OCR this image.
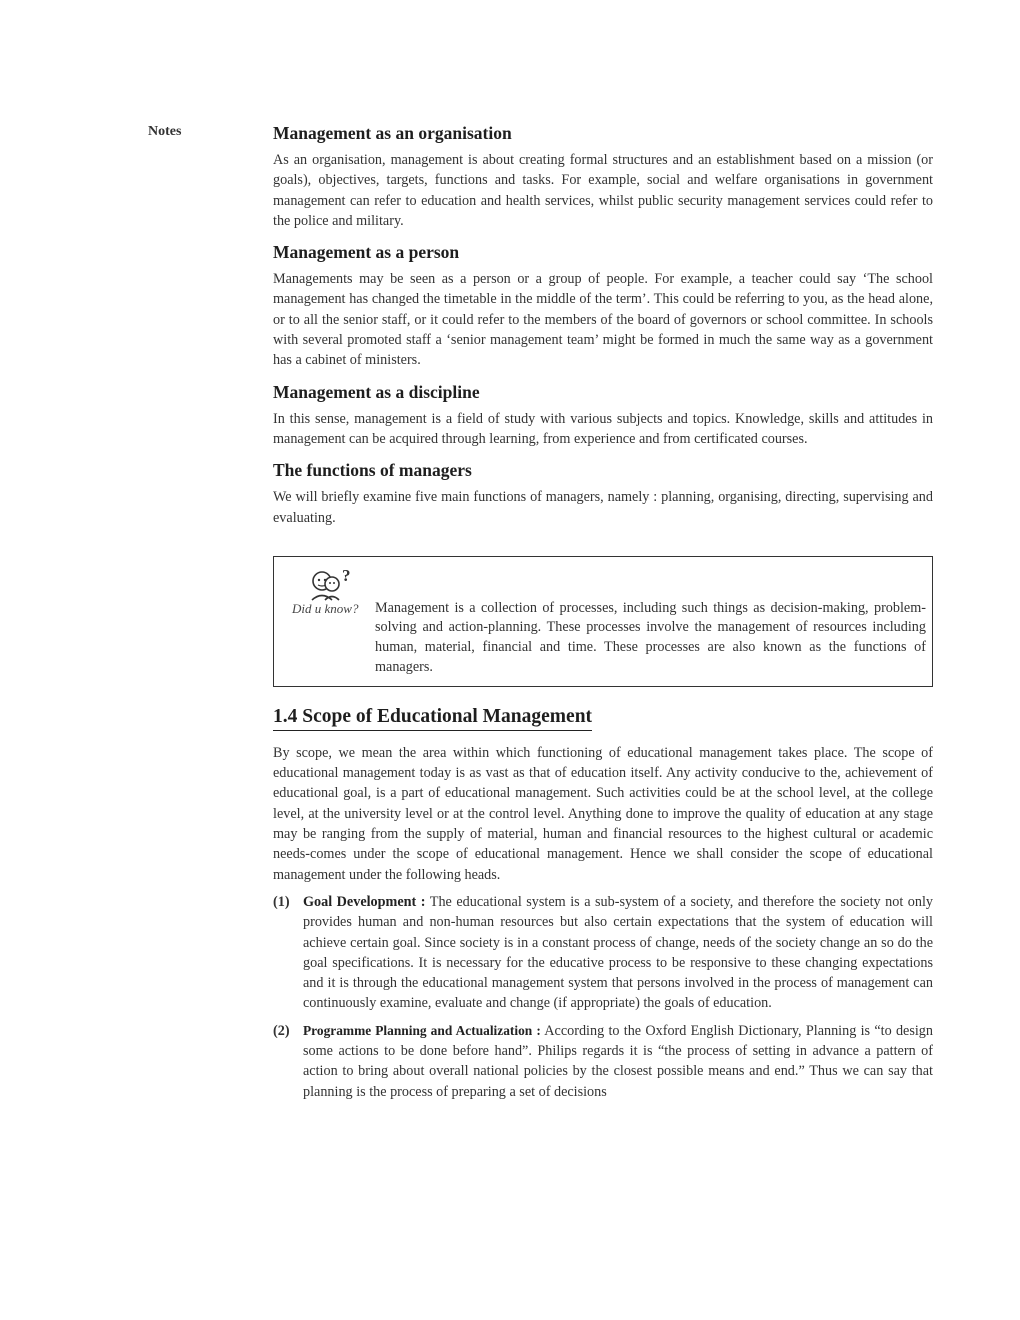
Notes	Management as an organisation

As an organisation, management is about creating formal structures and an establishment based on a mission (or goals), objectives, targets, functions and tasks. For example, social and welfare organisations in government management can refer to education and health services, whilst public security management services could refer to the police and military.

Management as a person

Managements may be seen as a person or a group of people. For example, a teacher could say ‘The school management has changed the timetable in the middle of the term’. This could be referring to you, as the head alone, or to all the senior staff, or it could refer to the members of the board of governors or school committee. In schools with several promoted staff a ‘senior management team’ might be formed in much the same way as a government has a cabinet of ministers.

Management as a discipline

In this sense, management is a field of study with various subjects and topics. Knowledge, skills and attitudes in management can be acquired through learning, from experience and from certificated courses.

The functions of managers

We will briefly examine five main functions of managers, namely : planning, organising, directing, supervising and evaluating.

?
Did u know? Management is a collection of processes, including such things as decision-making, problem-solving and action-planning. These processes involve the management of resources including human, material, financial and time. These processes are also known as the functions of managers.
1.4 Scope of Educational Management

By scope, we mean the area within which functioning of educational management takes place. The scope of educational management today is as vast as that of education itself. Any activity conducive to the, achievement of educational goal, is a part of educational management. Such activities could be at the school level, at the college level, at the university level or at the control level. Anything done to improve the quality of education at any stage may be ranging from the supply of material, human and financial resources to the highest cultural or academic needs-comes under the scope of educational management. Hence we shall consider the scope of educational management under the following heads.

(1) Goal Development : The educational system is a sub-system of a society, and therefore the society not only provides human and non-human resources but also certain expectations that the system of education will achieve certain goal. Since society is in a constant process of change, needs of the society change an so do the goal specifications. It is necessary for the educative process to be responsive to these changing expectations and it is through the educational management system that persons involved in the process of management can continuously examine, evaluate and change (if appropriate) the goals of education.
(2)	Programme Planning and Actualization : According to the Oxford English Dictionary, Planning is “to design some actions to be done before hand”. Philips regards it is “the process of setting in advance a pattern of action to bring about overall national policies by the closest possible means and end.” Thus we can say that planning is the process of preparing a set of decisions
